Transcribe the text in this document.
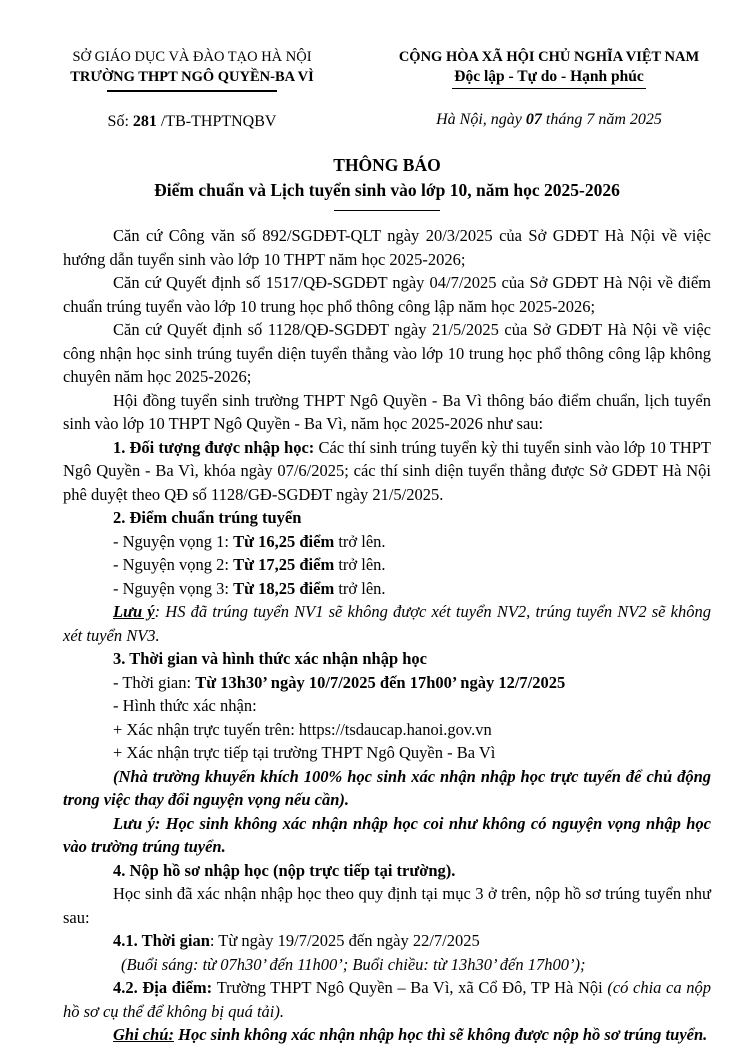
SỞ GIÁO DỤC VÀ ĐÀO TẠO HÀ NỘI
TRƯỜNG THPT NGÔ QUYỀN-BA VÌ
Số: 281 /TB-THPTNQBV
CỘNG HÒA XÃ HỘI CHỦ NGHĨA VIỆT NAM
Độc lập - Tự do - Hạnh phúc
Hà Nội, ngày 07 tháng 7 năm 2025
THÔNG BÁO
Điểm chuẩn và Lịch tuyển sinh vào lớp 10, năm học 2025-2026

Căn cứ Công văn số 892/SGDĐT-QLT ngày 20/3/2025 của Sở GDĐT Hà Nội về việc hướng dẫn tuyển sinh vào lớp 10 THPT năm học 2025-2026;

Căn cứ Quyết định số 1517/QĐ-SGDĐT ngày 04/7/2025 của Sở GDĐT Hà Nội về điểm chuẩn trúng tuyển vào lớp 10 trung học phổ thông công lập năm học 2025-2026;

Căn cứ Quyết định số 1128/QĐ-SGDĐT ngày 21/5/2025 của Sở GDĐT Hà Nội về việc công nhận học sinh trúng tuyển diện tuyển thẳng vào lớp 10 trung học phổ thông công lập không chuyên năm học 2025-2026;

Hội đồng tuyển sinh trường THPT Ngô Quyền - Ba Vì thông báo điểm chuẩn, lịch tuyển sinh vào lớp 10 THPT Ngô Quyền - Ba Vì, năm học 2025-2026 như sau:

1. Đối tượng được nhập học: Các thí sinh trúng tuyển kỳ thi tuyển sinh vào lớp 10 THPT Ngô Quyền - Ba Vì, khóa ngày 07/6/2025; các thí sinh diện tuyển thẳng được Sở GDĐT Hà Nội phê duyệt theo QĐ số 1128/GĐ-SGDĐT ngày 21/5/2025.

2. Điểm chuẩn trúng tuyển

- Nguyện vọng 1: Từ 16,25 điểm trở lên.

- Nguyện vọng 2: Từ 17,25 điểm trở lên.

- Nguyện vọng 3: Từ 18,25 điểm trở lên.

Lưu ý: HS đã trúng tuyển NV1 sẽ không được xét tuyển NV2, trúng tuyển NV2 sẽ không xét tuyển NV3.

3. Thời gian và hình thức xác nhận nhập học

- Thời gian: Từ 13h30’ ngày 10/7/2025 đến 17h00’ ngày 12/7/2025

- Hình thức xác nhận:

+ Xác nhận trực tuyến trên: https://tsdaucap.hanoi.gov.vn

+ Xác nhận trực tiếp tại trường THPT Ngô Quyền - Ba Vì

(Nhà trường khuyến khích 100% học sinh xác nhận nhập học trực tuyến để chủ động trong việc thay đổi nguyện vọng nếu cần).

Lưu ý: Học sinh không xác nhận nhập học coi như không có nguyện vọng nhập học vào trường trúng tuyển.

4. Nộp hồ sơ nhập học (nộp trực tiếp tại trường).

Học sinh đã xác nhận nhập học theo quy định tại mục 3 ở trên, nộp hồ sơ trúng tuyển như sau:

4.1. Thời gian: Từ ngày 19/7/2025 đến ngày 22/7/2025

(Buổi sáng: từ 07h30’ đến 11h00’; Buổi chiều: từ 13h30’ đến 17h00’);

4.2. Địa điểm: Trường THPT Ngô Quyền – Ba Vì, xã Cổ Đô, TP Hà Nội (có chia ca nộp hồ sơ cụ thể để không bị quá tải).

Ghi chú: Học sinh không xác nhận nhập học thì sẽ không được nộp hồ sơ trúng tuyển.
